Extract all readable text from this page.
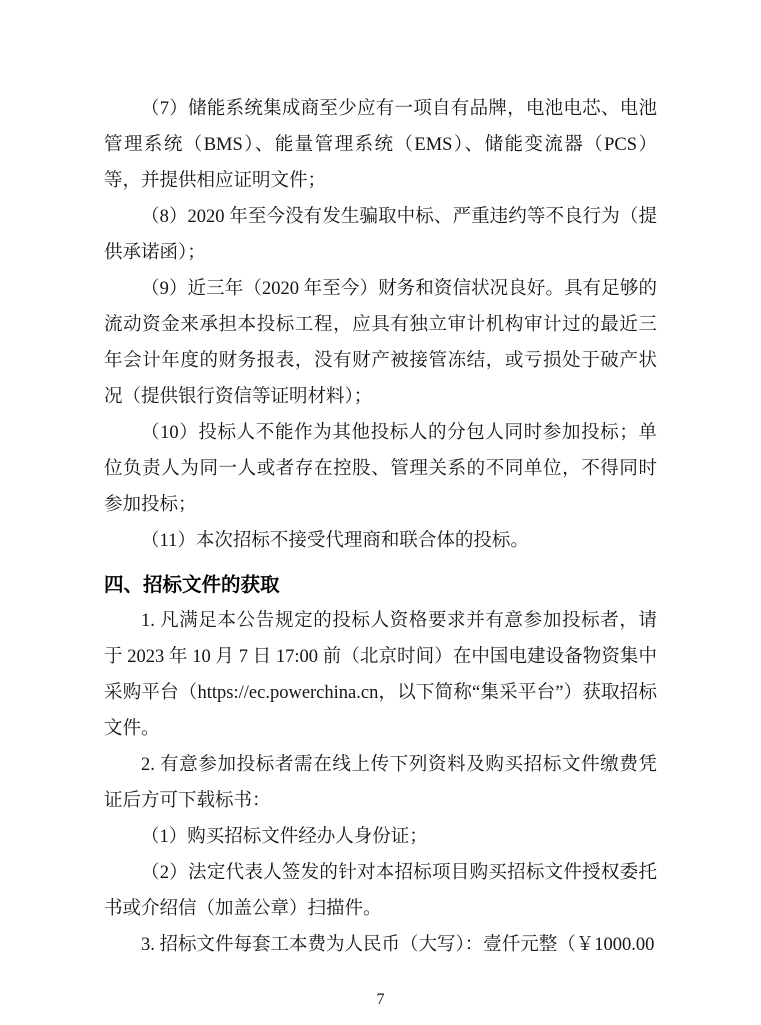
（7）储能系统集成商至少应有一项自有品牌，电池电芯、电池管理系统（BMS）、能量管理系统（EMS）、储能变流器（PCS）等，并提供相应证明文件；

（8）2020 年至今没有发生骗取中标、严重违约等不良行为（提供承诺函）；

（9）近三年（2020 年至今）财务和资信状况良好。具有足够的流动资金来承担本投标工程，应具有独立审计机构审计过的最近三年会计年度的财务报表，没有财产被接管冻结，或亏损处于破产状况（提供银行资信等证明材料）；

（10）投标人不能作为其他投标人的分包人同时参加投标；单位负责人为同一人或者存在控股、管理关系的不同单位，不得同时参加投标；

（11）本次招标不接受代理商和联合体的投标。

四、招标文件的获取

1. 凡满足本公告规定的投标人资格要求并有意参加投标者，请于 2023 年 10 月 7 日 17:00 前（北京时间）在中国电建设备物资集中采购平台（https://ec.powerchina.cn，以下简称“集采平台”）获取招标文件。

2. 有意参加投标者需在线上传下列资料及购买招标文件缴费凭证后方可下载标书：

（1）购买招标文件经办人身份证；

（2）法定代表人签发的针对本招标项目购买招标文件授权委托书或介绍信（加盖公章）扫描件。

3. 招标文件每套工本费为人民币（大写）：壹仟元整（￥1000.00

7
